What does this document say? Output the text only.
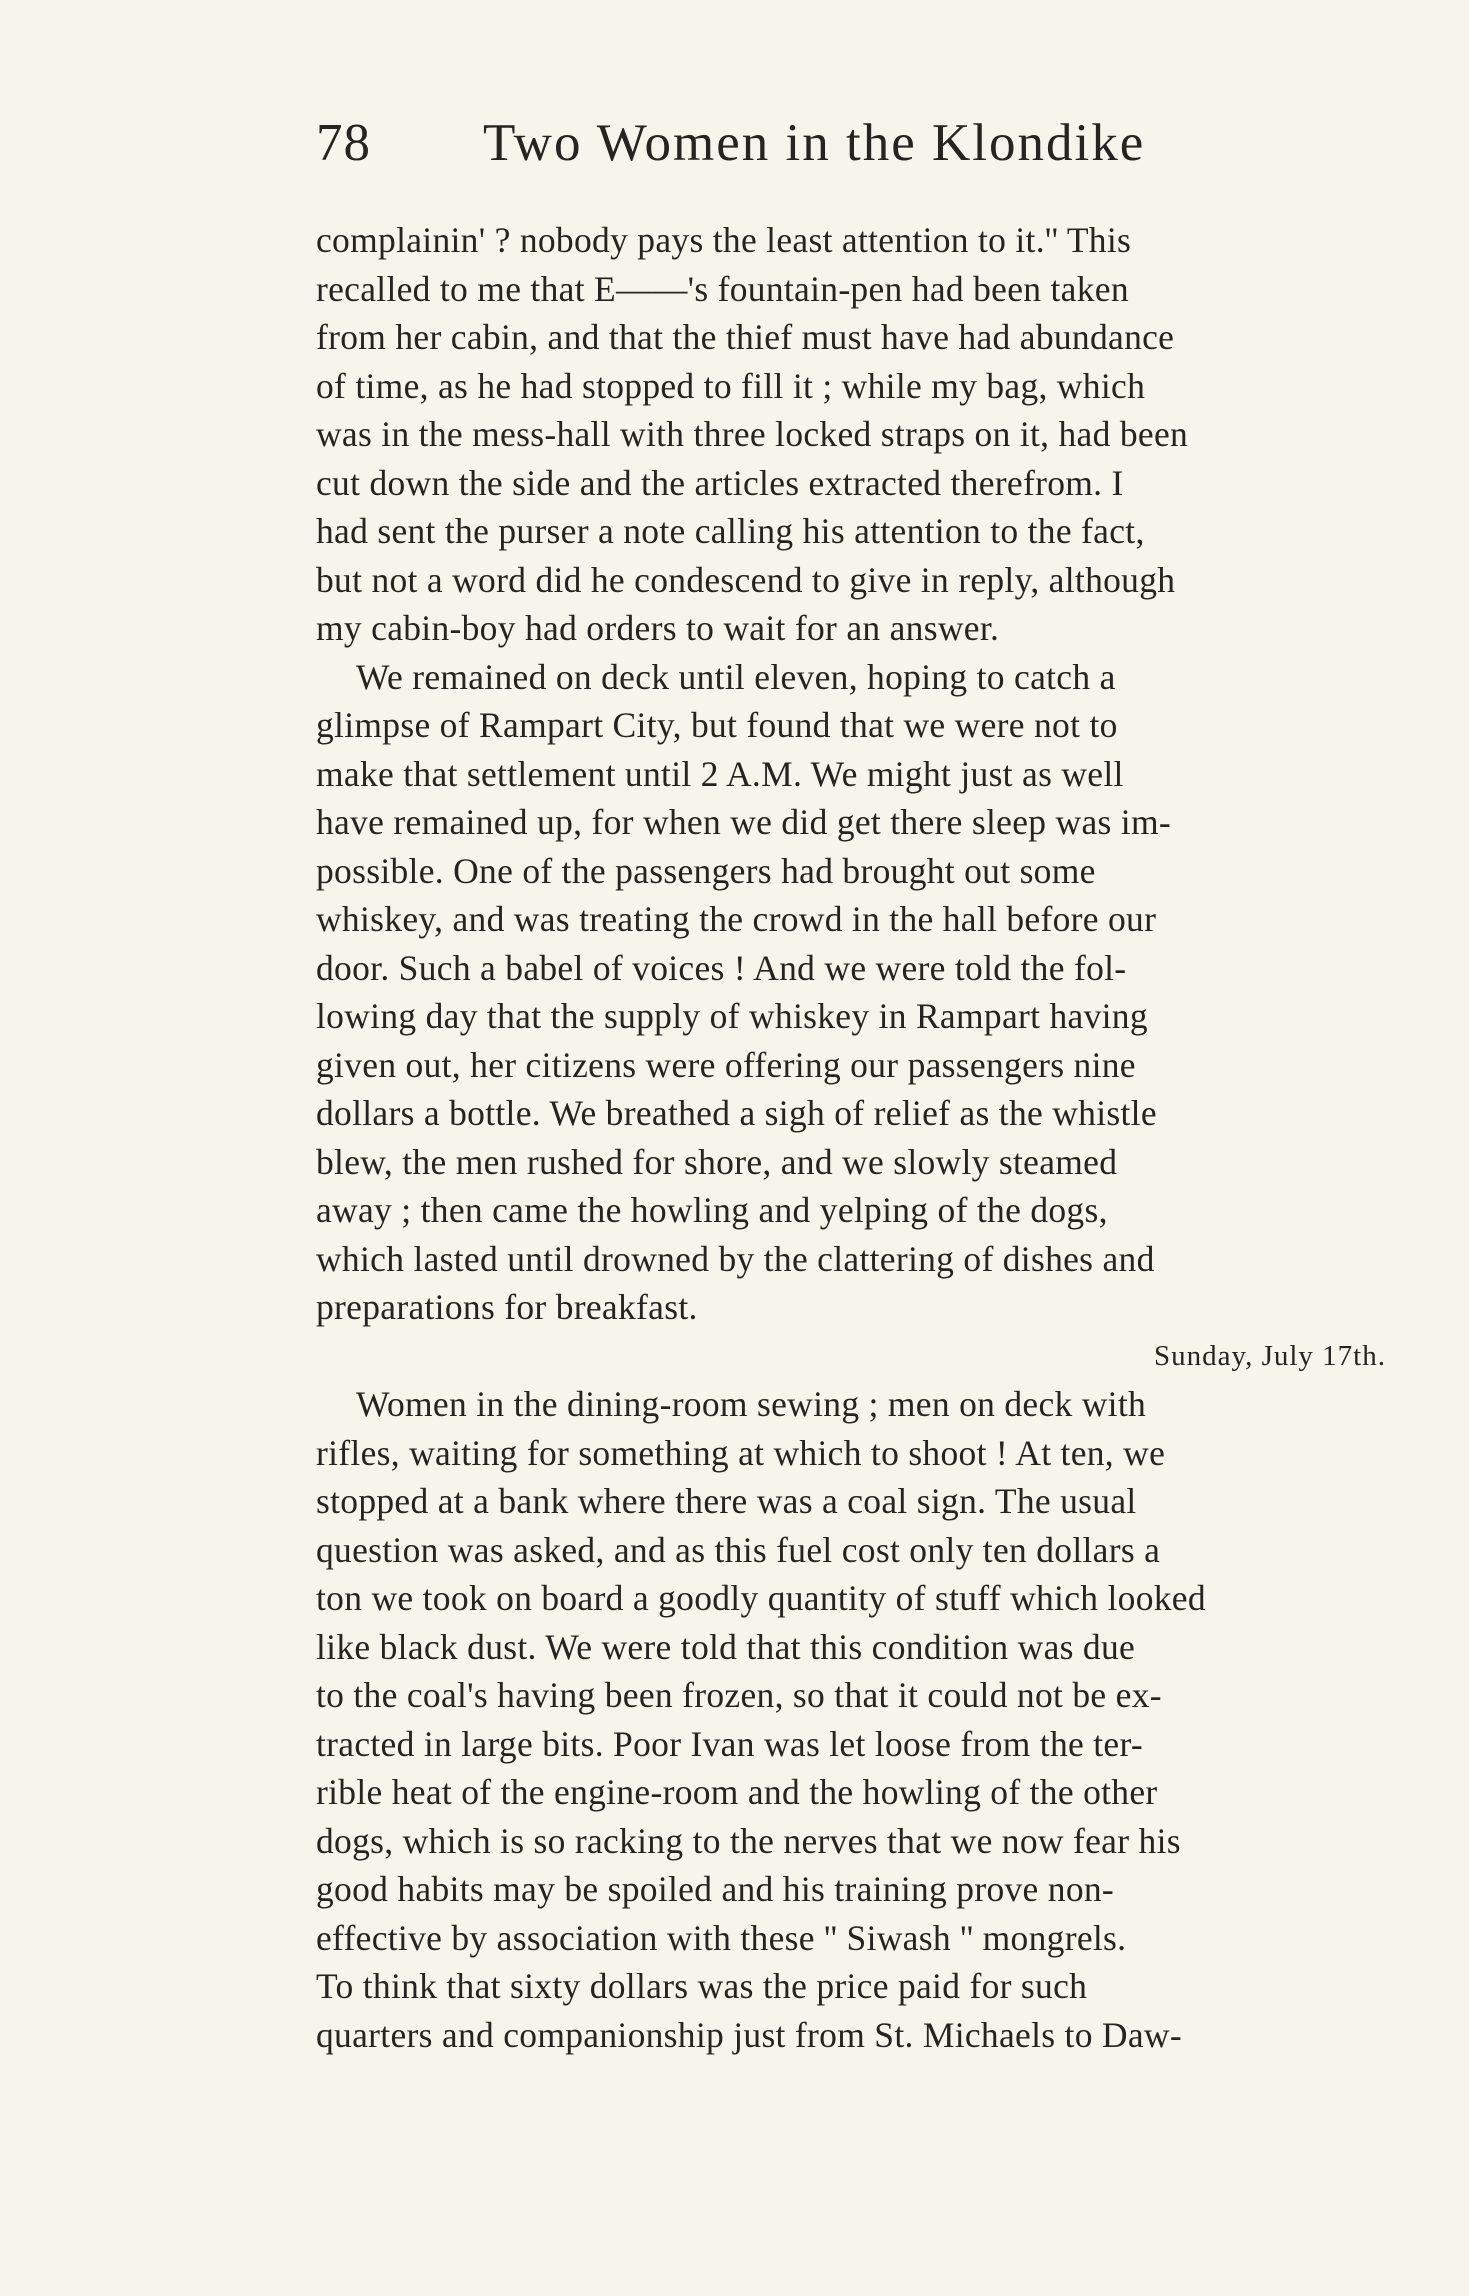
78 Two Women in the Klondike
complainin' ? nobody pays the least attention to it.'' This
recalled to me that E——'s fountain-pen had been taken
from her cabin, and that the thief must have had abundance
of time, as he had stopped to fill it ; while my bag, which
was in the mess-hall with three locked straps on it, had been
cut down the side and the articles extracted therefrom. I
had sent the purser a note calling his attention to the fact,
but not a word did he condescend to give in reply, although
my cabin-boy had orders to wait for an answer.
We remained on deck until eleven, hoping to catch a
glimpse of Rampart City, but found that we were not to
make that settlement until 2 A.M. We might just as well
have remained up, for when we did get there sleep was im-
possible. One of the passengers had brought out some
whiskey, and was treating the crowd in the hall before our
door. Such a babel of voices ! And we were told the fol-
lowing day that the supply of whiskey in Rampart having
given out, her citizens were offering our passengers nine
dollars a bottle. We breathed a sigh of relief as the whistle
blew, the men rushed for shore, and we slowly steamed
away ; then came the howling and yelping of the dogs,
which lasted until drowned by the clattering of dishes and
preparations for breakfast.
Sunday, July 17th.
Women in the dining-room sewing ; men on deck with
rifles, waiting for something at which to shoot ! At ten, we
stopped at a bank where there was a coal sign. The usual
question was asked, and as this fuel cost only ten dollars a
ton we took on board a goodly quantity of stuff which looked
like black dust. We were told that this condition was due
to the coal's having been frozen, so that it could not be ex-
tracted in large bits. Poor Ivan was let loose from the ter-
rible heat of the engine-room and the howling of the other
dogs, which is so racking to the nerves that we now fear his
good habits may be spoiled and his training prove non-
effective by association with these '' Siwash '' mongrels.
To think that sixty dollars was the price paid for such
quarters and companionship just from St. Michaels to Daw-
